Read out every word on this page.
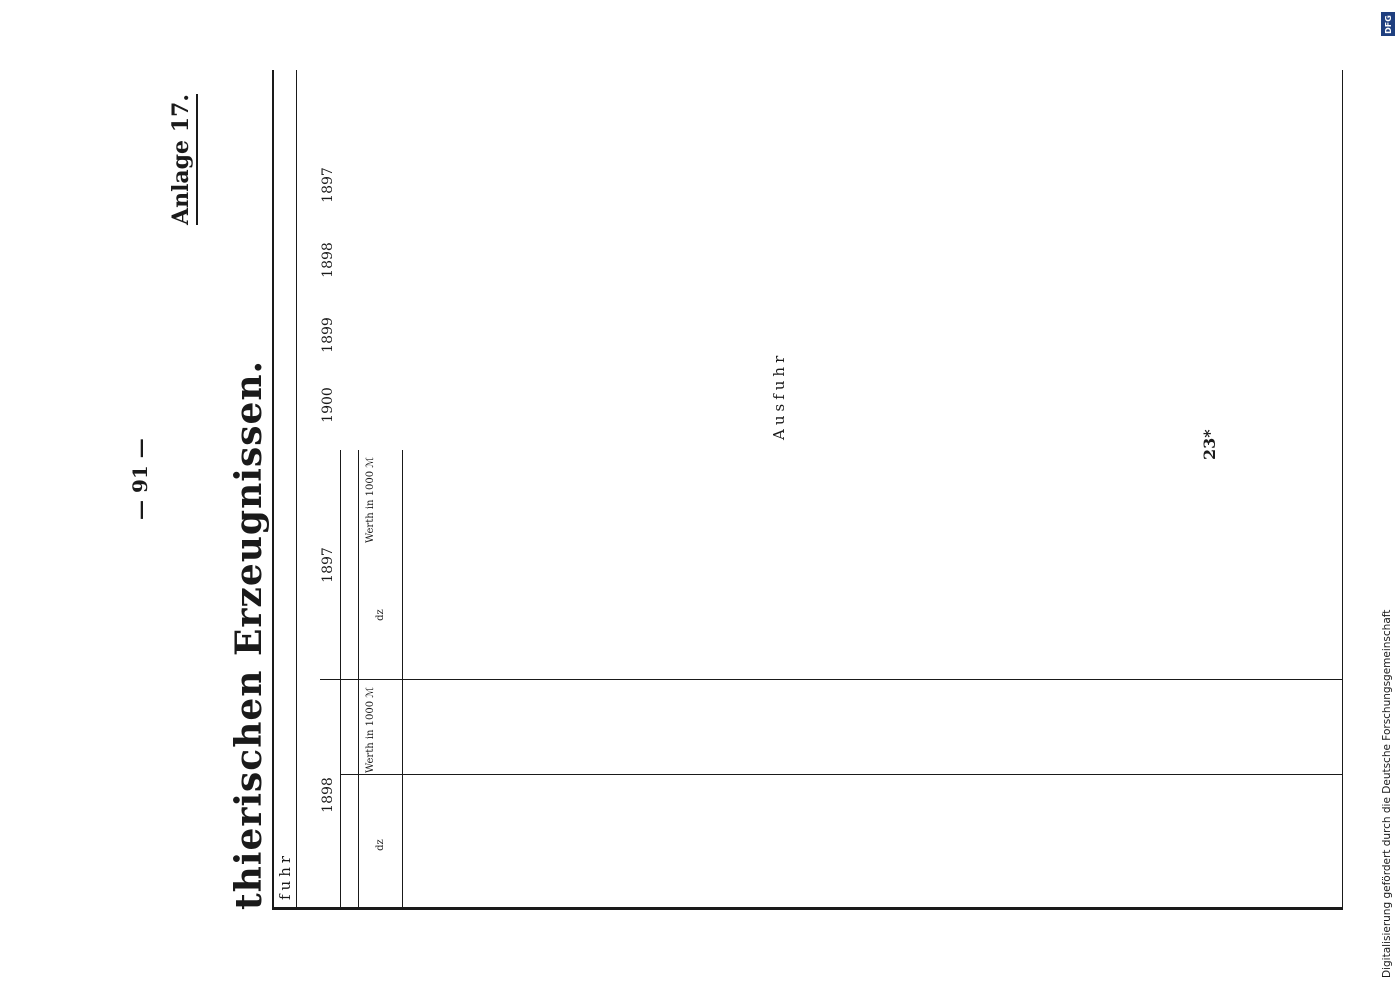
thierischen Erzeugnissen.
— 91 —
Anlage 17.
23*
fuhr
Ausfuhr
1898
dz
Werth in 1000 ℳ
1897
dz
Werth in 1000 ℳ
1900
1899
1898
1897
Digitalisierung gefördert durch die Deutsche Forschungsgemeinschaft
DFG
